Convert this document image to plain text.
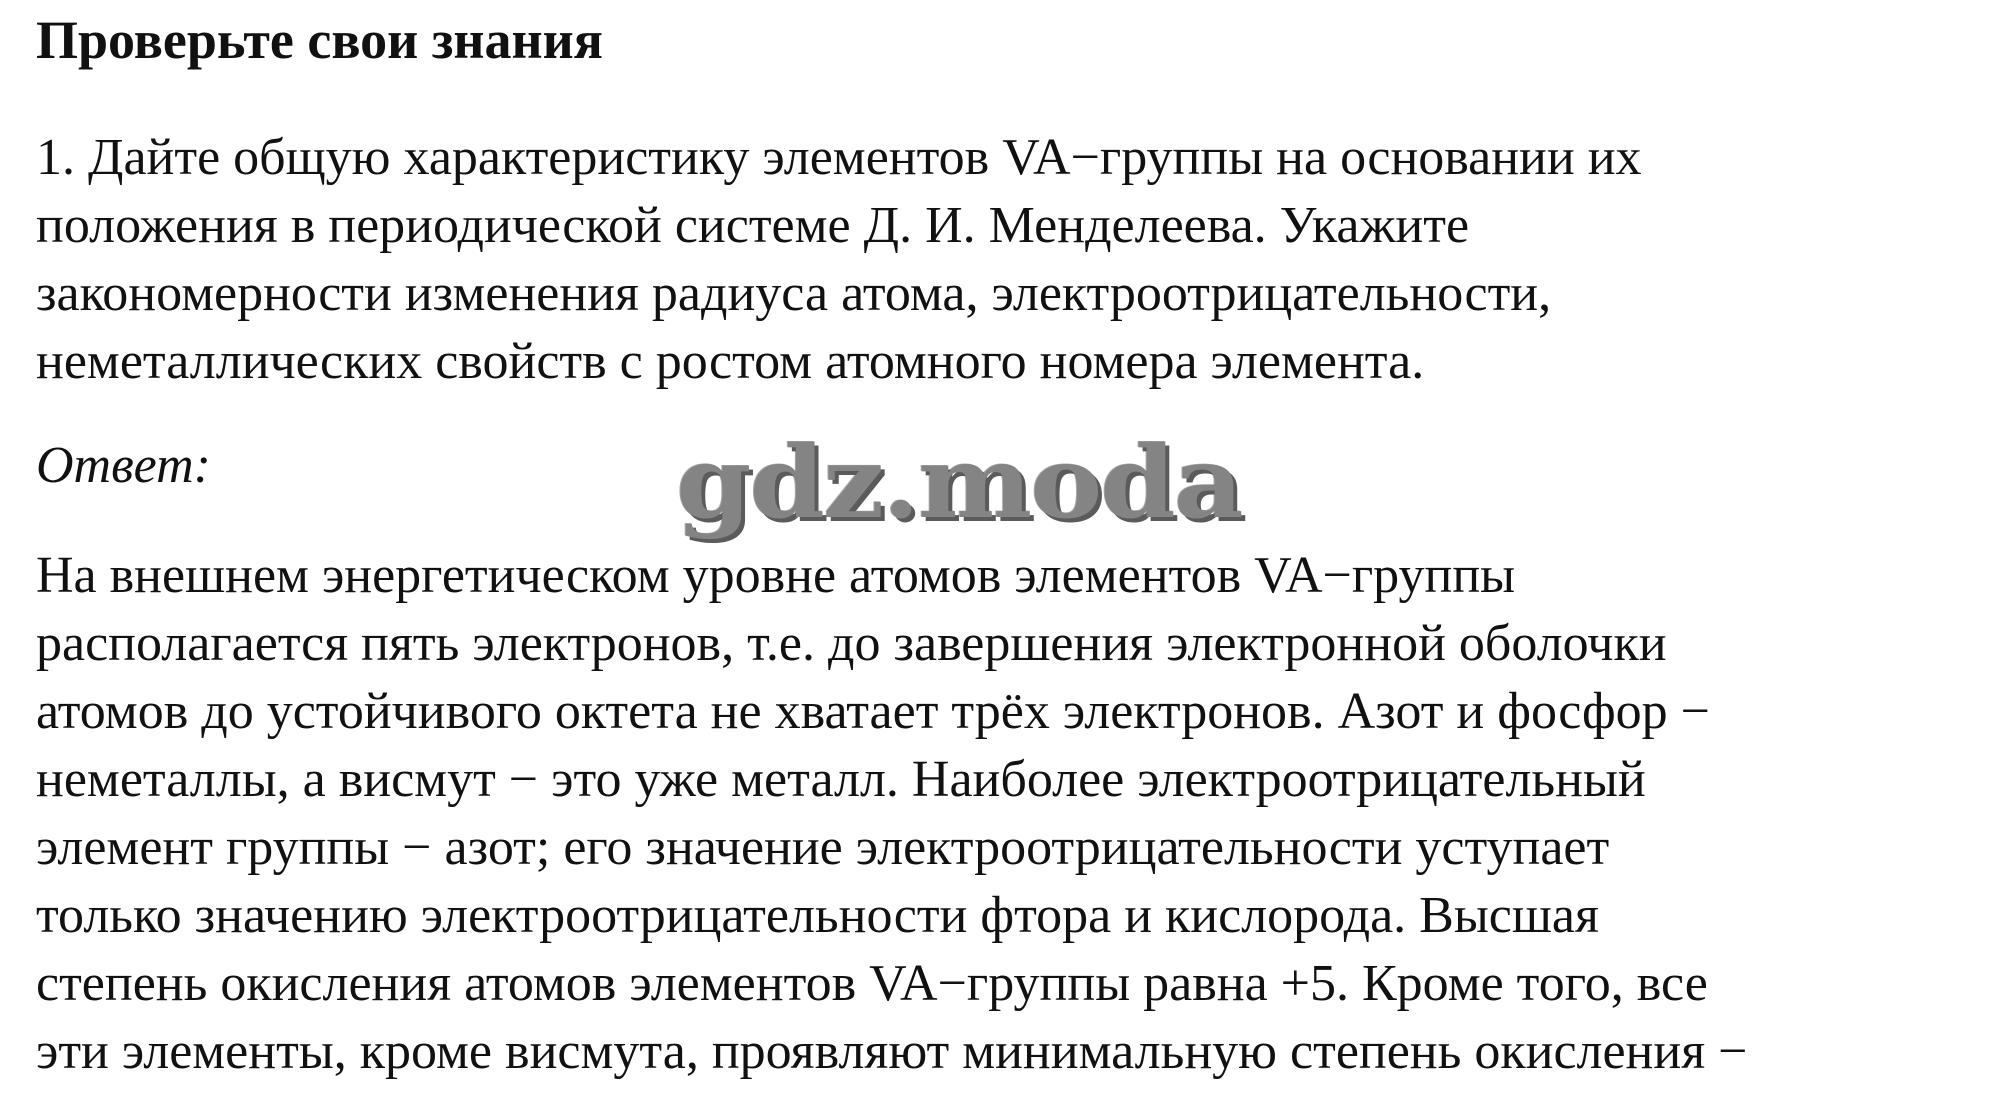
Проверьте свои знания
1. Дайте общую характеристику элементов VA−группы на основании их
положения в периодической системе Д. И. Менделеева. Укажите
закономерности изменения радиуса атома, электроотрицательности,
неметаллических свойств с ростом атомного номера элемента.

Ответ:	gdz.moda
На внешнем энергетическом уровне атомов элементов VA−группы
располагается пять электронов, т.е. до завершения электронной оболочки
атомов до устойчивого октета не хватает трёх электронов. Азот и фосфор −
неметаллы, а висмут − это уже металл. Наиболее электроотрицательный
элемент группы − азот; его значение электроотрицательности уступает
только значению электроотрицательности фтора и кислорода. Высшая
степень окисления атомов элементов VA−группы равна +5. Кроме того, все
эти элементы, кроме висмута, проявляют минимальную степень окисления −
